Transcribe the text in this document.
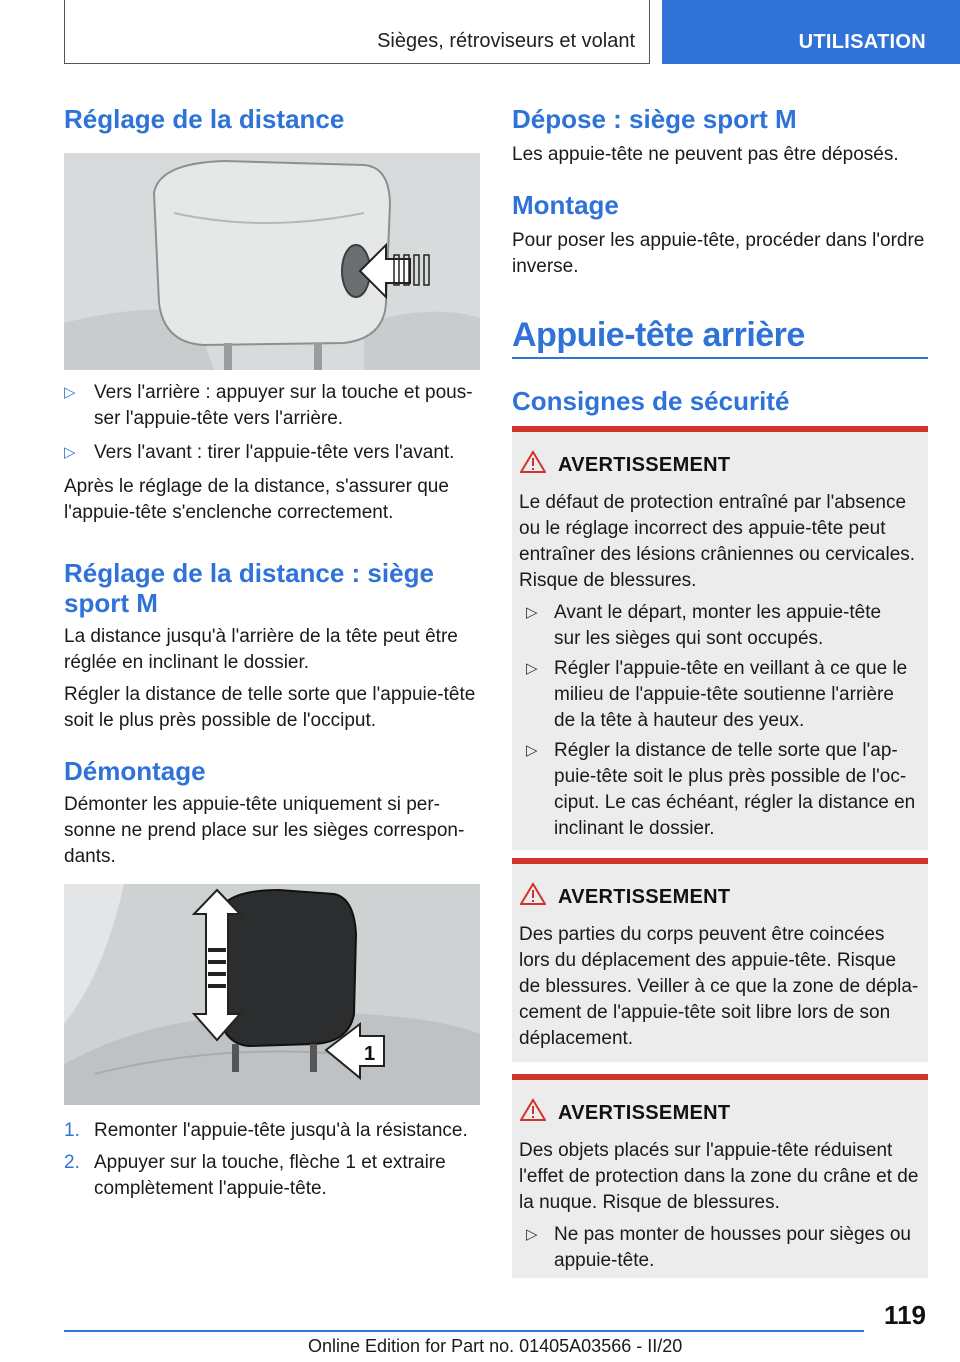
Sièges, rétroviseurs et volant	UTILISATION
Réglage de la distance
▷ Vers l'arrière : appuyer sur la touche et pous-
ser l'appuie-tête vers l'arrière.
▷ Vers l'avant : tirer l'appuie-tête vers l'avant.
Après le réglage de la distance, s'assurer que
l'appuie-tête s'enclenche correctement.
Réglage de la distance : siège
sport M
La distance jusqu'à l'arrière de la tête peut être
réglée en inclinant le dossier.
Régler la distance de telle sorte que l'appuie-tête
soit le plus près possible de l'occiput.
Démontage
Démonter les appuie-tête uniquement si per-
sonne ne prend place sur les sièges correspon-
dants.
1
1. Remonter l'appuie-tête jusqu'à la résistance.
2. Appuyer sur la touche, flèche 1 et extraire
complètement l'appuie-tête.
Dépose : siège sport M
Les appuie-tête ne peuvent pas être déposés.
Montage
Pour poser les appuie-tête, procéder dans l'ordre
inverse.
Appuie-tête arrière
Consignes de sécurité
AVERTISSEMENT
Le défaut de protection entraîné par l'absence
ou le réglage incorrect des appuie-tête peut
entraîner des lésions crâniennes ou cervicales.
Risque de blessures.
▷ Avant le départ, monter les appuie-tête
sur les sièges qui sont occupés.
▷ Régler l'appuie-tête en veillant à ce que le
milieu de l'appuie-tête soutienne l'arrière
de la tête à hauteur des yeux.
▷ Régler la distance de telle sorte que l'ap-
puie-tête soit le plus près possible de l'oc-
ciput. Le cas échéant, régler la distance en
inclinant le dossier.
AVERTISSEMENT
Des parties du corps peuvent être coincées
lors du déplacement des appuie-tête. Risque
de blessures. Veiller à ce que la zone de dépla-
cement de l'appuie-tête soit libre lors de son
déplacement.
AVERTISSEMENT
Des objets placés sur l'appuie-tête réduisent
l'effet de protection dans la zone du crâne et de
la nuque. Risque de blessures.
▷ Ne pas monter de housses pour sièges ou
appuie-tête.
119
Online Edition for Part no. 01405A03566 - II/20
